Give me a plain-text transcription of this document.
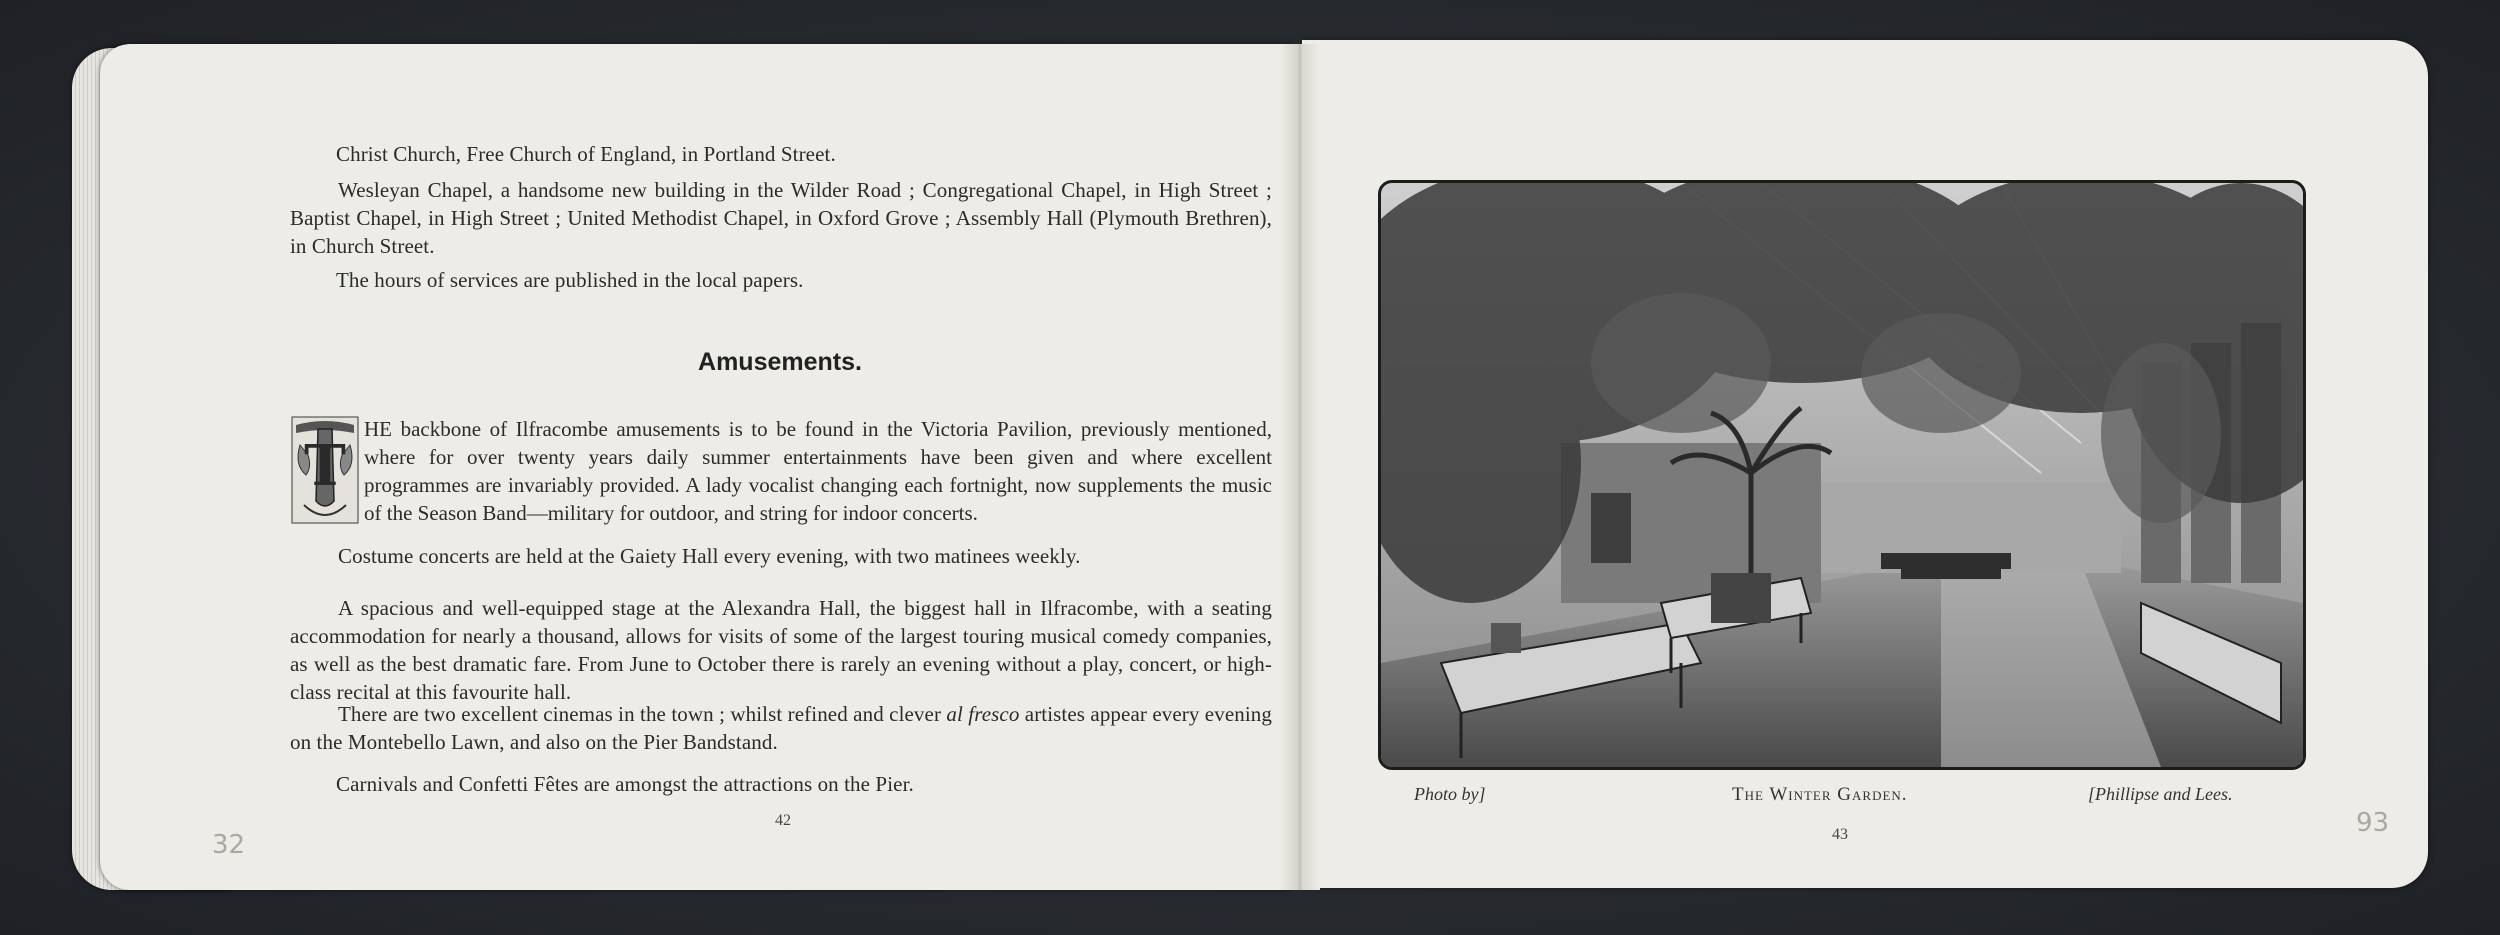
Christ Church, Free Church of England, in Portland Street.
Wesleyan Chapel, a handsome new building in the Wilder Road ; Congregational Chapel, in High Street ; Baptist Chapel, in High Street ; United Methodist Chapel, in Oxford Grove ; Assembly Hall (Plymouth Brethren), in Church Street.
The hours of services are published in the local papers.
Amusements.
T
HE backbone of Ilfracombe amusements is to be found in the Victoria Pavilion, previously mentioned, where for over twenty years daily summer entertainments have been given and where excellent programmes are invariably provided. A lady vocalist changing each fortnight, now supplements the music of the Season Band—military for outdoor, and string for indoor concerts.
Costume concerts are held at the Gaiety Hall every evening, with two matinees weekly.
A spacious and well-equipped stage at the Alexandra Hall, the biggest hall in Ilfracombe, with a seating accommodation for nearly a thousand, allows for visits of some of the largest touring musical comedy companies, as well as the best dramatic fare. From June to October there is rarely an evening without a play, concert, or high-class recital at this favourite hall.
There are two excellent cinemas in the town ; whilst refined and clever al fresco artistes appear every evening on the Montebello Lawn, and also on the Pier Bandstand.
Carnivals and Confetti Fêtes are amongst the attractions on the Pier.
42
32
Photo by]	The Winter Garden.	[Phillipse and Lees.
43	93
